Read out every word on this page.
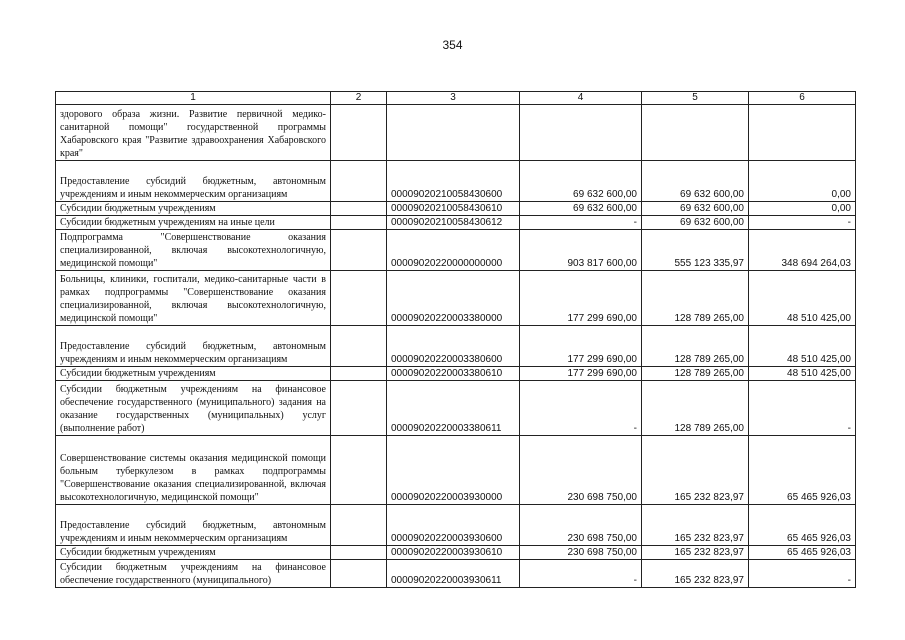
354
1	2	3	4	5	6
здорового образа жизни. Развитие первичной медико-санитарной помощи" государственной программы Хабаровского края "Развитие здравоохранения Хабаровского края"					
Предоставление субсидий бюджетным, автономным учреждениям и иным некоммерческим организациям		00009020210058430600	69 632 600,00	69 632 600,00	0,00
Субсидии бюджетным учреждениям		00009020210058430610	69 632 600,00	69 632 600,00	0,00
Субсидии бюджетным учреждениям на иные цели		00009020210058430612	-	69 632 600,00	-
Подпрограмма "Совершенствование оказания специализированной, включая высокотехнологичную, медицинской помощи"		00009020220000000000	903 817 600,00	555 123 335,97	348 694 264,03
Больницы, клиники, госпитали, медико-санитарные части в рамках подпрограммы "Совершенствование оказания специализированной, включая высокотехнологичную, медицинской помощи"		00009020220003380000	177 299 690,00	128 789 265,00	48 510 425,00
Предоставление субсидий бюджетным, автономным учреждениям и иным некоммерческим организациям		00009020220003380600	177 299 690,00	128 789 265,00	48 510 425,00
Субсидии бюджетным учреждениям		00009020220003380610	177 299 690,00	128 789 265,00	48 510 425,00
Субсидии бюджетным учреждениям на финансовое обеспечение государственного (муниципального) задания на оказание государственных (муниципальных) услуг (выполнение работ)		00009020220003380611	-	128 789 265,00	-
Совершенствование системы оказания медицинской помощи больным туберкулезом в рамках подпрограммы "Совершенствование оказания специализированной, включая высокотехнологичную, медицинской помощи"		00009020220003930000	230 698 750,00	165 232 823,97	65 465 926,03
Предоставление субсидий бюджетным, автономным учреждениям и иным некоммерческим организациям		00009020220003930600	230 698 750,00	165 232 823,97	65 465 926,03
Субсидии бюджетным учреждениям		00009020220003930610	230 698 750,00	165 232 823,97	65 465 926,03
Субсидии бюджетным учреждениям на финансовое обеспечение государственного (муниципального)		00009020220003930611	-	165 232 823,97	-
